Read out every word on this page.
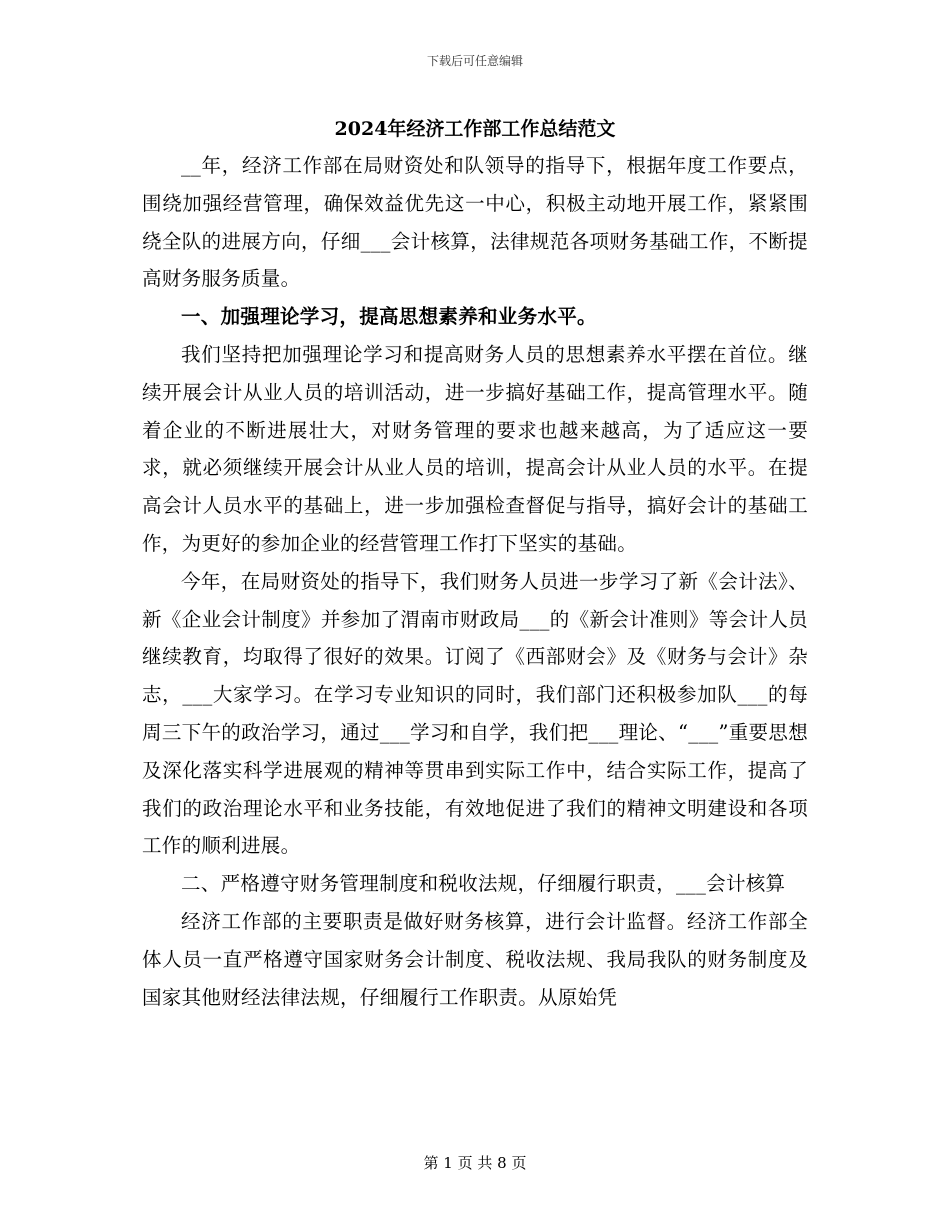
下载后可任意编辑
2024年经济工作部工作总结范文

__年，经济工作部在局财资处和队领导的指导下，根据年度工作要点，围绕加强经营管理，确保效益优先这一中心，积极主动地开展工作，紧紧围绕全队的进展方向，仔细___会计核算，法律规范各项财务基础工作，不断提高财务服务质量。

一、加强理论学习，提高思想素养和业务水平。

我们坚持把加强理论学习和提高财务人员的思想素养水平摆在首位。继续开展会计从业人员的培训活动，进一步搞好基础工作，提高管理水平。随着企业的不断进展壮大，对财务管理的要求也越来越高，为了适应这一要求，就必须继续开展会计从业人员的培训，提高会计从业人员的水平。在提高会计人员水平的基础上，进一步加强检查督促与指导，搞好会计的基础工作，为更好的参加企业的经营管理工作打下坚实的基础。

今年，在局财资处的指导下，我们财务人员进一步学习了新《会计法》、新《企业会计制度》并参加了渭南市财政局___的《新会计准则》等会计人员继续教育，均取得了很好的效果。订阅了《西部财会》及《财务与会计》杂志，___大家学习。在学习专业知识的同时，我们部门还积极参加队___的每周三下午的政治学习，通过___学习和自学，我们把___理论、“___”重要思想及深化落实科学进展观的精神等贯串到实际工作中，结合实际工作，提高了我们的政治理论水平和业务技能，有效地促进了我们的精神文明建设和各项工作的顺利进展。

二、严格遵守财务管理制度和税收法规，仔细履行职责，___会计核算

经济工作部的主要职责是做好财务核算，进行会计监督。经济工作部全体人员一直严格遵守国家财务会计制度、税收法规、我局我队的财务制度及国家其他财经法律法规，仔细履行工作职责。从原始凭

第 1 页 共 8 页
